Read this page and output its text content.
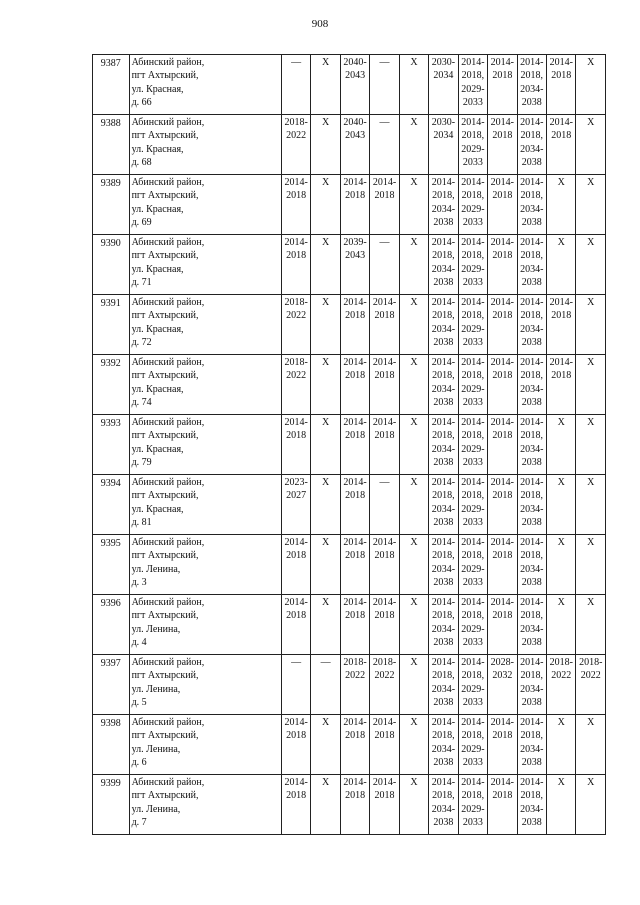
908
9387	Абинский район,
пгт Ахтырский,
ул. Красная,
д. 66	—	Х	2040-
2043	—	Х	2030-
2034	2014-
2018,
2029-
2033	2014-
2018	2014-
2018,
2034-
2038	2014-
2018	Х

9388	Абинский район,
пгт Ахтырский,
ул. Красная,
д. 68	2018-
2022	Х	2040-
2043	—	Х	2030-
2034	2014-
2018,
2029-
2033	2014-
2018	2014-
2018,
2034-
2038	2014-
2018	Х

9389	Абинский район,
пгт Ахтырский,
ул. Красная,
д. 69	2014-
2018	Х	2014-
2018	2014-
2018	Х	2014-
2018,
2034-
2038	2014-
2018,
2029-
2033	2014-
2018	2014-
2018,
2034-
2038	Х	Х

9390	Абинский район,
пгт Ахтырский,
ул. Красная,
д. 71	2014-
2018	Х	2039-
2043	—	Х	2014-
2018,
2034-
2038	2014-
2018,
2029-
2033	2014-
2018	2014-
2018,
2034-
2038	Х	Х

9391	Абинский район,
пгт Ахтырский,
ул. Красная,
д. 72	2018-
2022	Х	2014-
2018	2014-
2018	Х	2014-
2018,
2034-
2038	2014-
2018,
2029-
2033	2014-
2018	2014-
2018,
2034-
2038	2014-
2018	Х

9392	Абинский район,
пгт Ахтырский,
ул. Красная,
д. 74	2018-
2022	Х	2014-
2018	2014-
2018	Х	2014-
2018,
2034-
2038	2014-
2018,
2029-
2033	2014-
2018	2014-
2018,
2034-
2038	2014-
2018	Х

9393	Абинский район,
пгт Ахтырский,
ул. Красная,
д. 79	2014-
2018	Х	2014-
2018	2014-
2018	Х	2014-
2018,
2034-
2038	2014-
2018,
2029-
2033	2014-
2018	2014-
2018,
2034-
2038	Х	Х

9394	Абинский район,
пгт Ахтырский,
ул. Красная,
д. 81	2023-
2027	Х	2014-
2018	—	Х	2014-
2018,
2034-
2038	2014-
2018,
2029-
2033	2014-
2018	2014-
2018,
2034-
2038	Х	Х

9395	Абинский район,
пгт Ахтырский,
ул. Ленина,
д. 3	2014-
2018	Х	2014-
2018	2014-
2018	Х	2014-
2018,
2034-
2038	2014-
2018,
2029-
2033	2014-
2018	2014-
2018,
2034-
2038	Х	Х

9396	Абинский район,
пгт Ахтырский,
ул. Ленина,
д. 4	2014-
2018	Х	2014-
2018	2014-
2018	Х	2014-
2018,
2034-
2038	2014-
2018,
2029-
2033	2014-
2018	2014-
2018,
2034-
2038	Х	Х

9397	Абинский район,
пгт Ахтырский,
ул. Ленина,
д. 5	—	—	2018-
2022	2018-
2022	Х	2014-
2018,
2034-
2038	2014-
2018,
2029-
2033	2028-
2032	2014-
2018,
2034-
2038	2018-
2022	2018-
2022

9398	Абинский район,
пгт Ахтырский,
ул. Ленина,
д. 6	2014-
2018	Х	2014-
2018	2014-
2018	Х	2014-
2018,
2034-
2038	2014-
2018,
2029-
2033	2014-
2018	2014-
2018,
2034-
2038	Х	Х

9399	Абинский район,
пгт Ахтырский,
ул. Ленина,
д. 7	2014-
2018	Х	2014-
2018	2014-
2018	Х	2014-
2018,
2034-
2038	2014-
2018,
2029-
2033	2014-
2018	2014-
2018,
2034-
2038	Х	Х
